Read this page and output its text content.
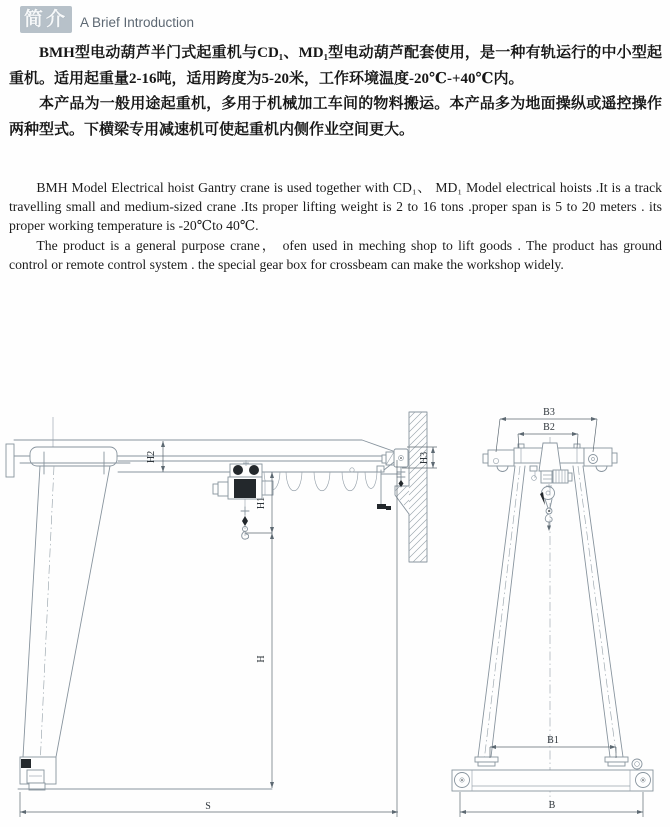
简介 A Brief Introduction

BMH型电动葫芦半门式起重机与CD₁、MD₁型电动葫芦配套使用，是一种有轨运行的中小型起重机。适用起重量2-16吨，适用跨度为5-20米，工作环境温度-20℃-+40℃内。

本产品为一般用途起重机，多用于机械加工车间的物料搬运。本产品多为地面操纵或遥控操作两种型式。下横梁专用减速机可使起重机内侧作业空间更大。

BMH Model Electrical hoist Gantry crane is used together with CD₁、 MD₁ Model electrical hoists .It is a track travelling small and medium-sized crane .Its proper lifting weight is 2 to 16 tons .proper span is 5 to 20 meters . its proper working temperature is -20℃to 40℃.

The product is a general purpose crane， ofen used in meching shop to lift goods . The product has ground control or remote control system . the special gear box for crossbeam can make the workshop widely.

H2	H3
H1
H
S
B3
B2
B1
B
